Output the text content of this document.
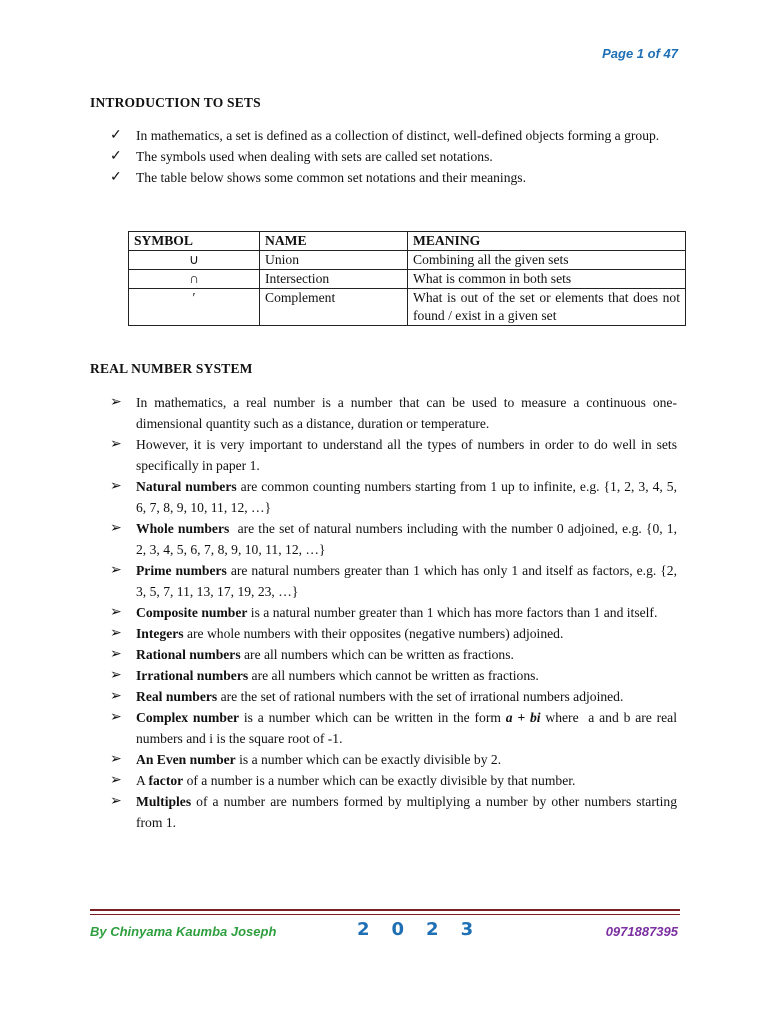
Page 1 of 47
INTRODUCTION TO SETS
✓	In mathematics, a set is defined as a collection of distinct, well-defined objects forming a group.
✓	The symbols used when dealing with sets are called set notations.
✓	The table below shows some common set notations and their meanings.
SYMBOL	NAME	MEANING
∪	Union	Combining all the given sets
∩	Intersection	What is common in both sets
′	Complement	What is out of the set or elements that does not found / exist in a given set
REAL NUMBER SYSTEM
➢	In mathematics, a real number is a number that can be used to measure a continuous one-dimensional quantity such as a distance, duration or temperature.
➢	However, it is very important to understand all the types of numbers in order to do well in sets specifically in paper 1.
➢	Natural numbers are common counting numbers starting from 1 up to infinite, e.g. {1, 2, 3, 4, 5, 6, 7, 8, 9, 10, 11, 12, …}
➢	Whole numbers  are the set of natural numbers including with the number 0 adjoined, e.g. {0, 1, 2, 3, 4, 5, 6, 7, 8, 9, 10, 11, 12, …}
➢	Prime numbers are natural numbers greater than 1 which has only 1 and itself as factors, e.g. {2, 3, 5, 7, 11, 13, 17, 19, 23, …}
➢	Composite number is a natural number greater than 1 which has more factors than 1 and itself.
➢	Integers are whole numbers with their opposites (negative numbers) adjoined.
➢	Rational numbers are all numbers which can be written as fractions.
➢	Irrational numbers are all numbers which cannot be written as fractions.
➢	Real numbers are the set of rational numbers with the set of irrational numbers adjoined.
➢	Complex number is a number which can be written in the form a + bi where  a and b are real numbers and i is the square root of -1.
➢	An Even number is a number which can be exactly divisible by 2.
➢	A factor of a number is a number which can be exactly divisible by that number.
➢	Multiples of a number are numbers formed by multiplying a number by other numbers starting from 1.
By Chinyama Kaumba Joseph	2023	0971887395
